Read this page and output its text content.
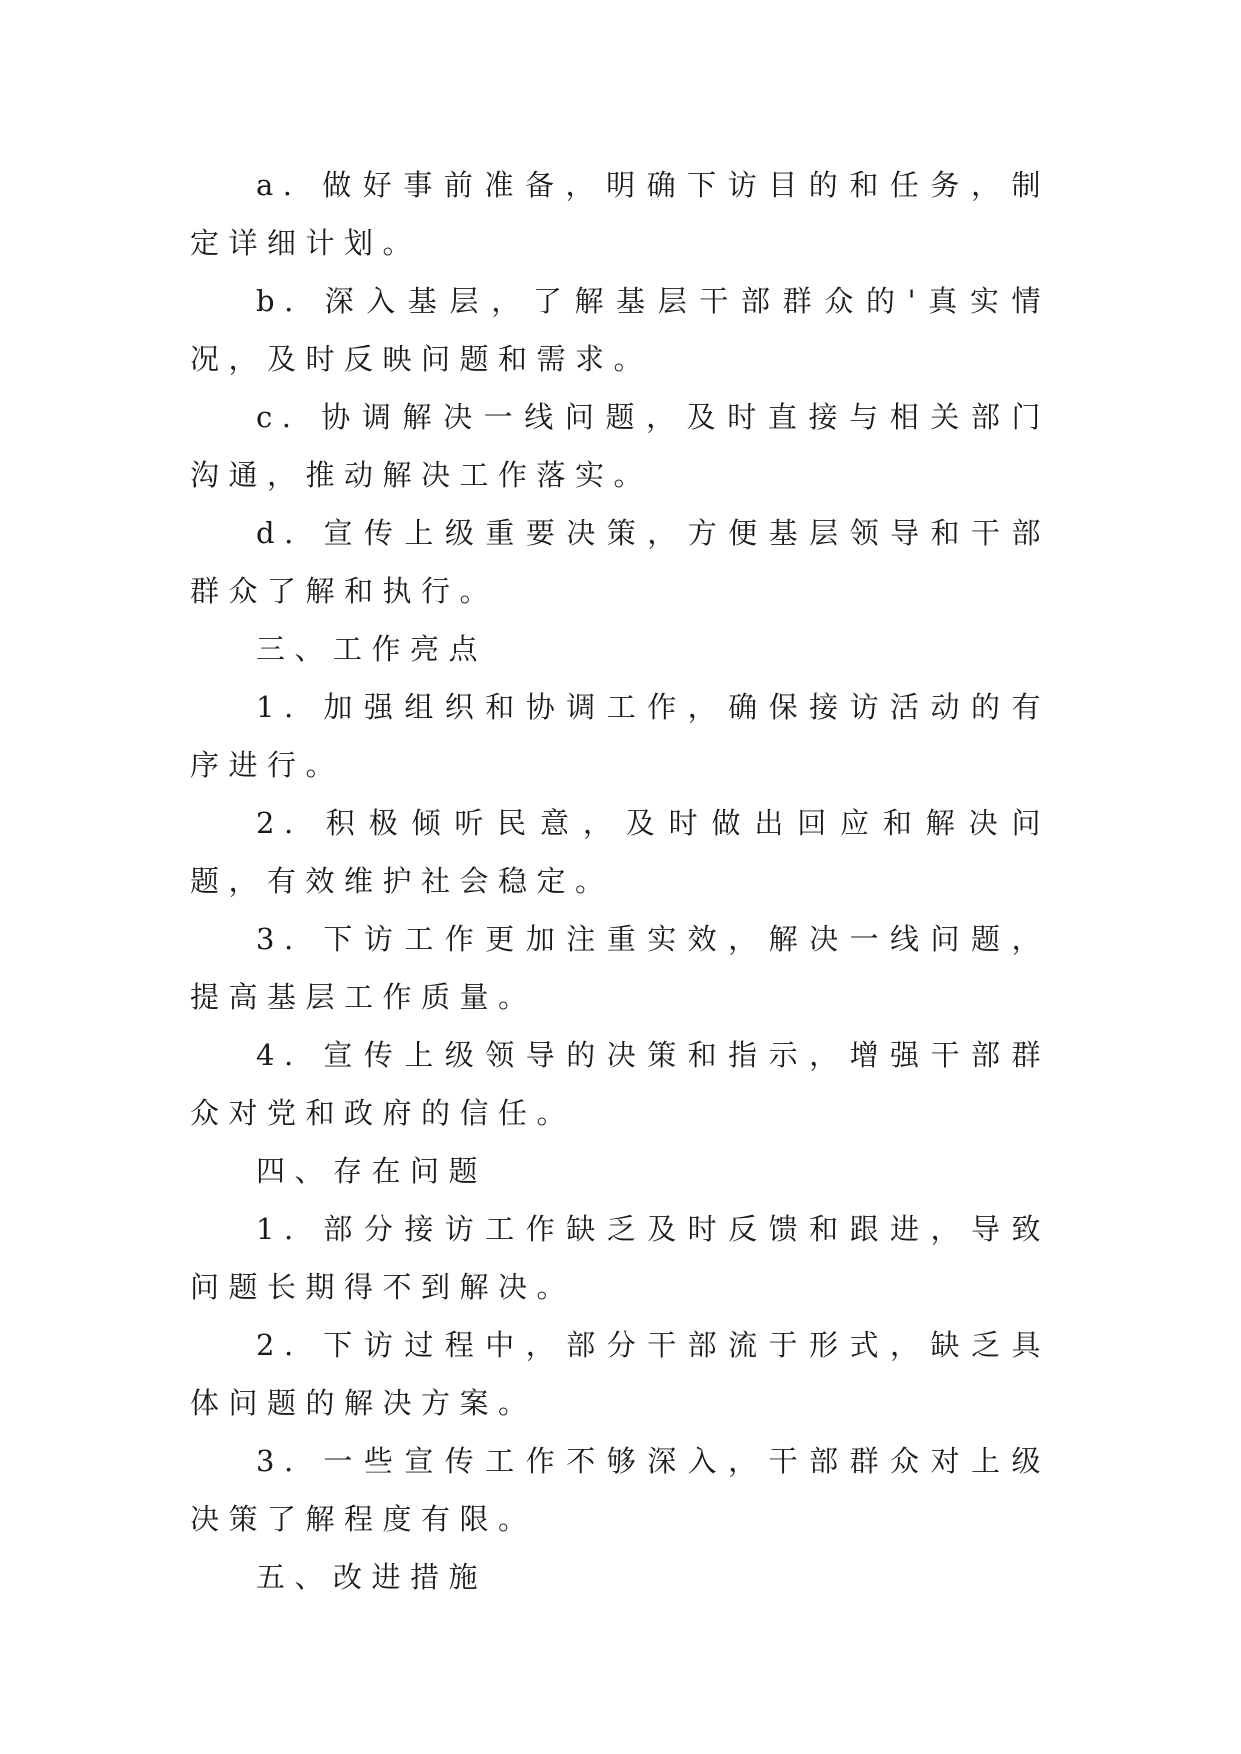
a. 做好事前准备，明确下访目的和任务，制定详细计划。

b. 深入基层，了解基层干部群众的'真实情况，及时反映问题和需求。

c. 协调解决一线问题，及时直接与相关部门沟通，推动解决工作落实。

d. 宣传上级重要决策，方便基层领导和干部群众了解和执行。

三、工作亮点

1. 加强组织和协调工作，确保接访活动的有序进行。

2. 积极倾听民意，及时做出回应和解决问题，有效维护社会稳定。

3. 下访工作更加注重实效，解决一线问题，提高基层工作质量。

4. 宣传上级领导的决策和指示，增强干部群众对党和政府的信任。

四、存在问题

1. 部分接访工作缺乏及时反馈和跟进，导致问题长期得不到解决。

2. 下访过程中，部分干部流于形式，缺乏具体问题的解决方案。

3. 一些宣传工作不够深入，干部群众对上级决策了解程度有限。

五、改进措施
